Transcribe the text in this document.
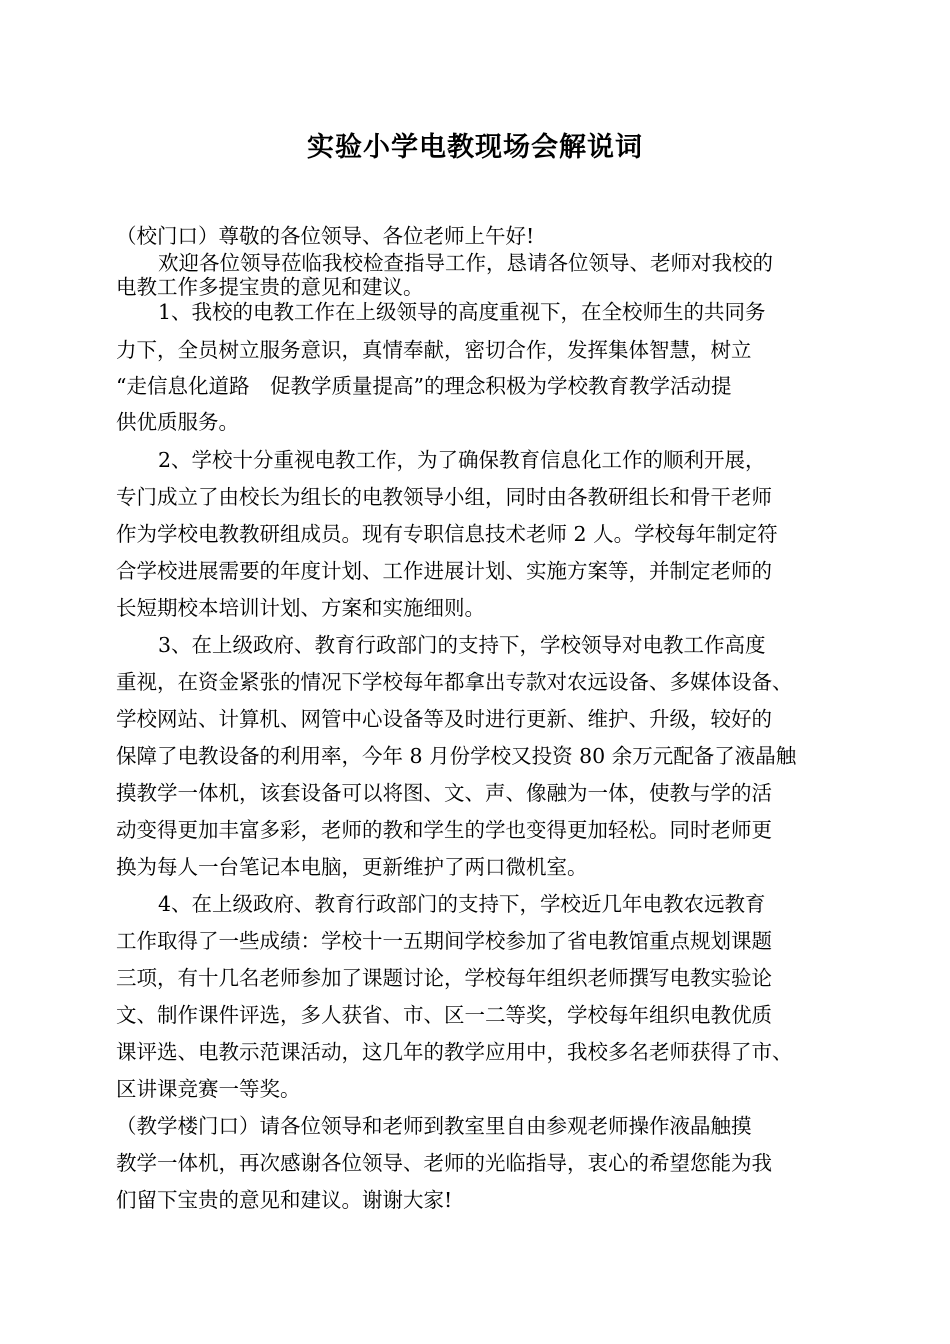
实验小学电教现场会解说词
（校门口）尊敬的各位领导、各位老师上午好!
欢迎各位领导莅临我校检查指导工作，恳请各位领导、老师对我校的
电教工作多提宝贵的意见和建议。
1、我校的电教工作在上级领导的高度重视下，在全校师生的共同务
力下，全员树立服务意识，真情奉献，密切合作，发挥集体智慧，树立
“走信息化道路　促教学质量提高”的理念积极为学校教育教学活动提
供优质服务。
2、学校十分重视电教工作，为了确保教育信息化工作的顺利开展，
专门成立了由校长为组长的电教领导小组，同时由各教研组长和骨干老师
作为学校电教教研组成员。现有专职信息技术老师 2 人。学校每年制定符
合学校进展需要的年度计划、工作进展计划、实施方案等，并制定老师的
长短期校本培训计划、方案和实施细则。
3、在上级政府、教育行政部门的支持下，学校领导对电教工作高度
重视，在资金紧张的情况下学校每年都拿出专款对农远设备、多媒体设备、
学校网站、计算机、网管中心设备等及时进行更新、维护、升级，较好的
保障了电教设备的利用率，今年 8 月份学校又投资 80 余万元配备了液晶触
摸教学一体机，该套设备可以将图、文、声、像融为一体，使教与学的活
动变得更加丰富多彩，老师的教和学生的学也变得更加轻松。同时老师更
换为每人一台笔记本电脑，更新维护了两口微机室。
4、在上级政府、教育行政部门的支持下，学校近几年电教农远教育
工作取得了一些成绩：学校十一五期间学校参加了省电教馆重点规划课题
三项，有十几名老师参加了课题讨论，学校每年组织老师撰写电教实验论
文、制作课件评选，多人获省、市、区一二等奖，学校每年组织电教优质
课评选、电教示范课活动，这几年的教学应用中，我校多名老师获得了市、
区讲课竞赛一等奖。
（教学楼门口）请各位领导和老师到教室里自由参观老师操作液晶触摸
教学一体机，再次感谢各位领导、老师的光临指导，衷心的希望您能为我
们留下宝贵的意见和建议。谢谢大家!
